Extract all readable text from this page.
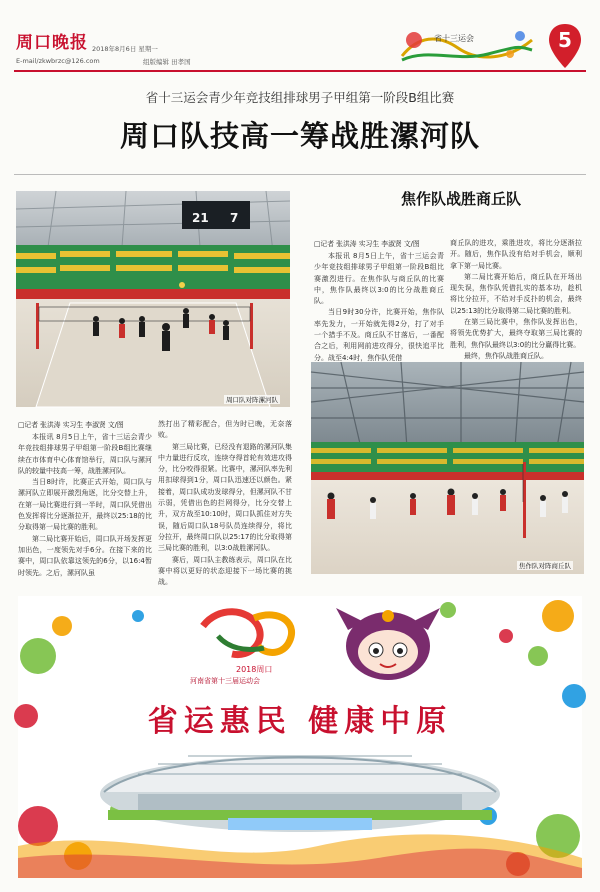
周口晚报 2018年8月6日 星期一
E-mail/zkwbrzc@126.com	组版编辑 田孝国
省十三运会	5
省十三运会青少年竞技组排球男子甲组第一阶段B组比赛
周口队技高一筹战胜漯河队
21 7
周口队对阵漯河队
□记者 张洪涛 实习生 李淑贤 文/图

本报讯 8月5日上午，省十三运会青少年竞技组排球男子甲组第一阶段B组比赛继续在市体育中心体育馆举行，周口队与漯河队的较量中技高一筹，战胜漯河队。

当日8时许，比赛正式开始，周口队与漯河队立即展开激烈角逐，比分交替上升，在第一局比赛进行到一半时，周口队凭借出色发挥将比分逐渐拉开，最终以25:18的比分取得第一局比赛的胜利。

第二局比赛开始后，周口队开场发挥更加出色，一度领先对手6分。在接下来的比赛中，周口队依靠这领先的6分，以16:4暂时领先。之后，漯河队虽

然打出了精彩配合，但为时已晚，无奈落败。

第三局比赛，已经没有退路的漯河队集中力量进行反攻，连续夺得首轮有效进攻得分，比分咬得很紧。比赛中，漯河队率先利用扣球得到1分，周口队迅速还以颜色。紧接着，周口队成功发球得分，但漯河队不甘示弱，凭借出色的拦网得分，比分交替上升，双方战至10:10时，周口队抓住对方失误，随后周口队18号队员连续得分，将比分拉开，最终周口队以25:17的比分取得第三局比赛的胜利，以3:0战胜漯河队。

赛后，周口队主教练表示，周口队在比赛中将以更好的状态迎接下一场比赛的挑战。

焦作队战胜商丘队
□记者 张洪涛 实习生 李淑贤 文/图

本报讯 8月5日上午，省十三运会青少年竞技组排球男子甲组第一阶段B组比赛激烈进行。在焦作队与商丘队的比赛中，焦作队最终以3:0的比分战胜商丘队。

当日9时30分许，比赛开始，焦作队率先发力，一开始就先得2分，打了对手一个措手不及。商丘队不甘落后，一番配合之后，利用网前进攻得分，很快追平比分。战至4:4时，焦作队凭借

商丘队的进攻，乘胜进攻，将比分逐渐拉开。随后，焦作队没有给对手机会，顺利拿下第一局比赛。

第二局比赛开始后，商丘队在开场出现失误，焦作队凭借扎实的基本功，趁机将比分拉开，不给对手反扑的机会，最终以25:13的比分取得第二局比赛的胜利。

在第三局比赛中，焦作队发挥出色，将领先优势扩大，最终夺取第三局比赛的胜利，焦作队最终以3:0的比分赢得比赛。

最终，焦作队战胜商丘队。

焦作队对阵商丘队
2018周口
河南省第十三届运动会
省运惠民 健康中原
